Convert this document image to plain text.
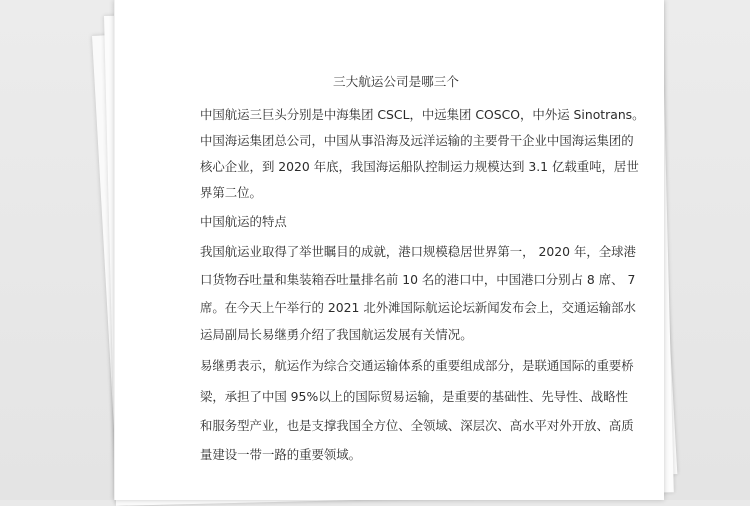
三大航运公司是哪三个
中国航运三巨头分别是中海集团 CSCL，中远集团 COSCO，中外运 Sinotrans。
中国海运集团总公司，中国从事沿海及远洋运输的主要骨干企业中国海运集团的
核心企业，到 2020 年底，我国海运船队控制运力规模达到 3.1 亿载重吨，居世
界第二位。
中国航运的特点
我国航运业取得了举世瞩目的成就，港口规模稳居世界第一， 2020 年，全球港
口货物吞吐量和集装箱吞吐量排名前 10 名的港口中，中国港口分别占 8 席、 7
席。在今天上午举行的 2021 北外滩国际航运论坛新闻发布会上，交通运输部水
运局副局长易继勇介绍了我国航运发展有关情况。
易继勇表示，航运作为综合交通运输体系的重要组成部分，是联通国际的重要桥
梁，承担了中国 95%以上的国际贸易运输，是重要的基础性、先导性、战略性
和服务型产业，也是支撑我国全方位、全领域、深层次、高水平对外开放、高质
量建设一带一路的重要领域。
